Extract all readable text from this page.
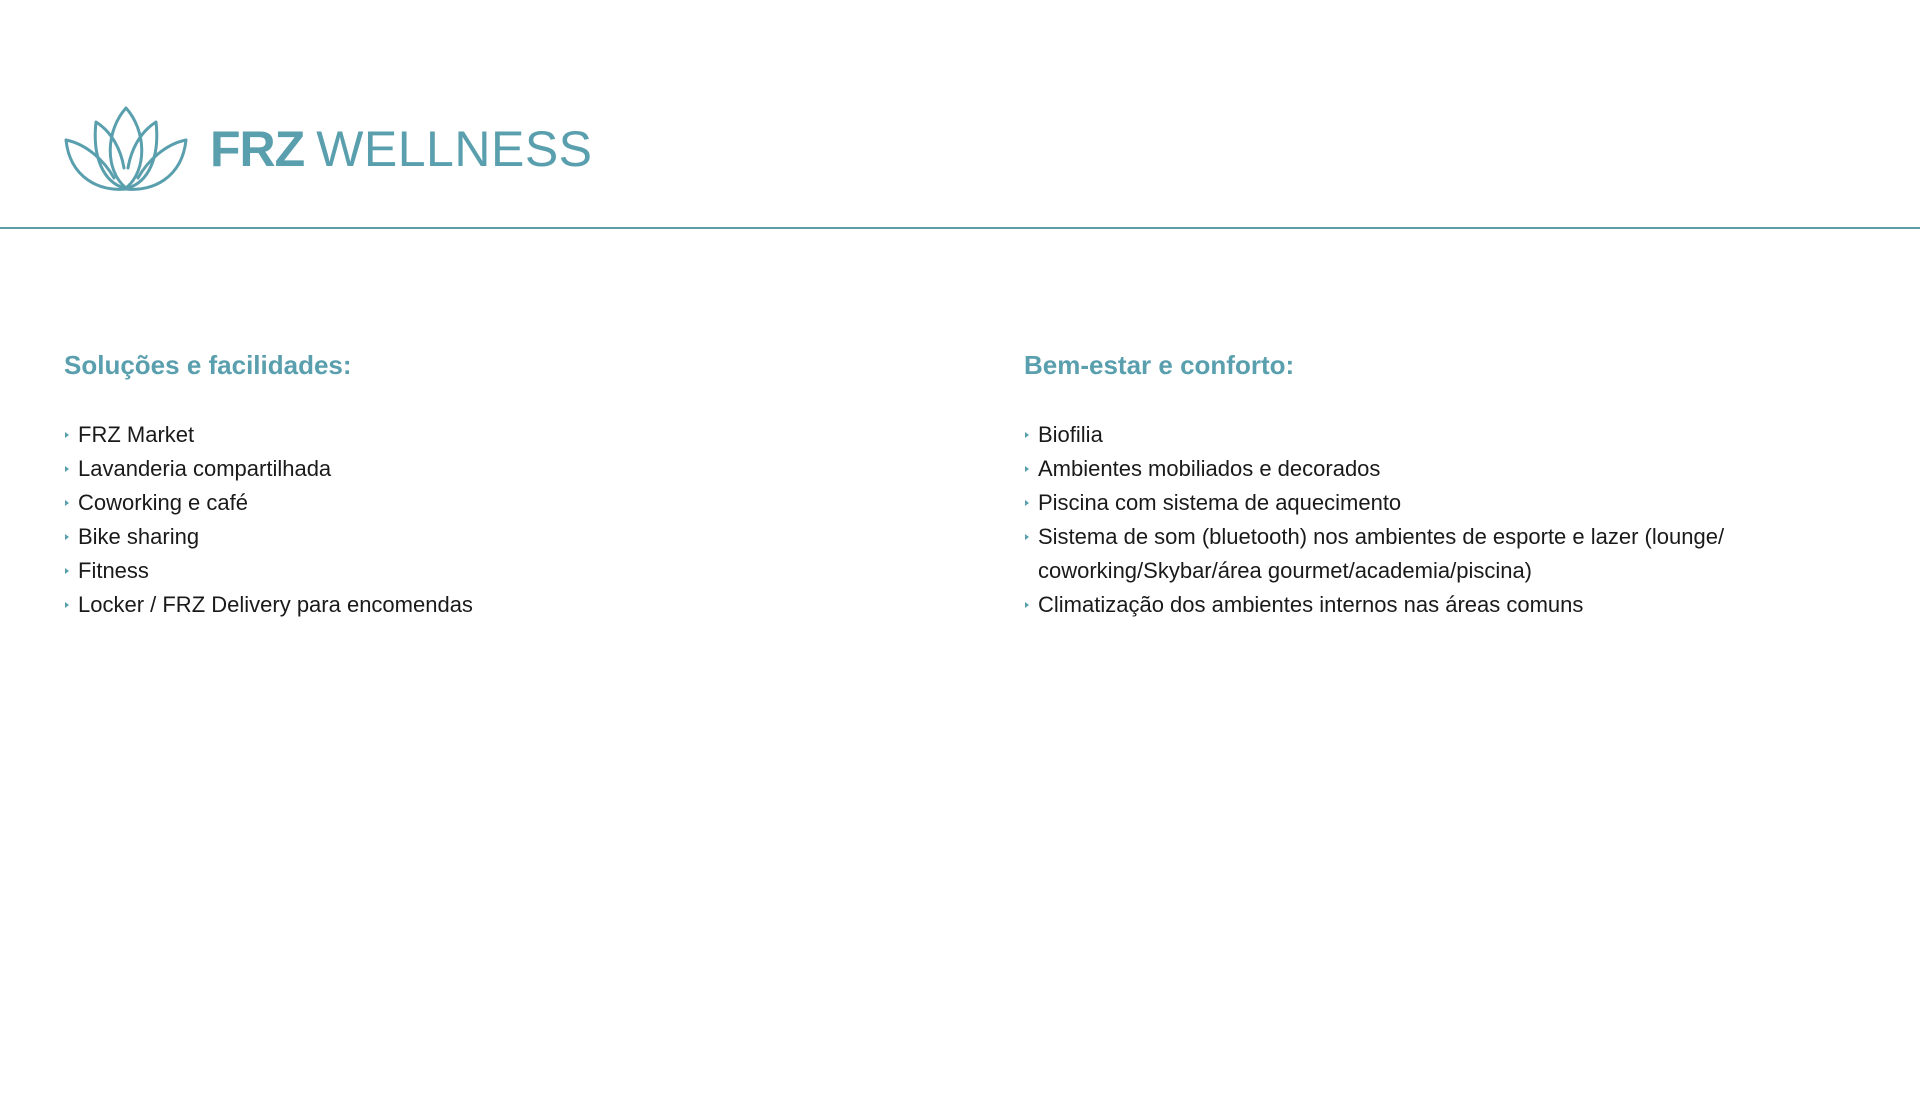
FRZ WELLNESS
Soluções e facilidades:
FRZ Market
Lavanderia compartilhada
Coworking e café
Bike sharing
Fitness
Locker / FRZ Delivery para encomendas
Bem-estar e conforto:
Biofilia
Ambientes mobiliados e decorados
Piscina com sistema de aquecimento
Sistema de som (bluetooth) nos ambientes de esporte e lazer (lounge/ coworking/Skybar/área gourmet/academia/piscina)
Climatização dos ambientes internos nas áreas comuns
